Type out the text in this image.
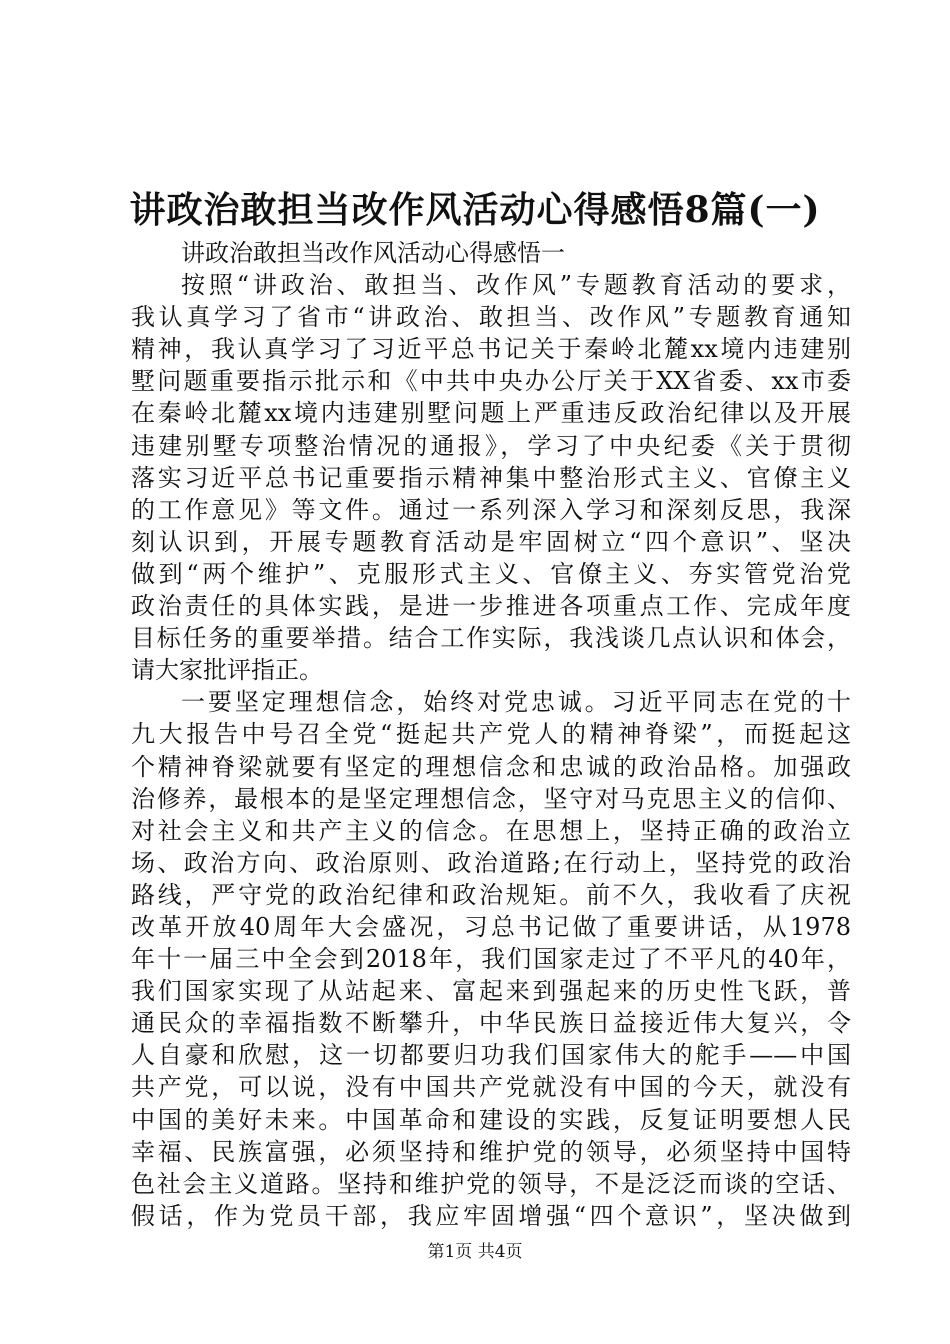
讲政治敢担当改作风活动心得感悟8篇(一)
讲政治敢担当改作风活动心得感悟一
按照“讲政治、敢担当、改作风”专题教育活动的要求，
我认真学习了省市“讲政治、敢担当、改作风”专题教育通知
精神，我认真学习了习近平总书记关于秦岭北麓xx境内违建别
墅问题重要指示批示和《中共中央办公厅关于XX省委、xx市委
在秦岭北麓xx境内违建别墅问题上严重违反政治纪律以及开展
违建别墅专项整治情况的通报》，学习了中央纪委《关于贯彻
落实习近平总书记重要指示精神集中整治形式主义、官僚主义
的工作意见》等文件。通过一系列深入学习和深刻反思，我深
刻认识到，开展专题教育活动是牢固树立“四个意识”、坚决
做到“两个维护”、克服形式主义、官僚主义、夯实管党治党
政治责任的具体实践，是进一步推进各项重点工作、完成年度
目标任务的重要举措。结合工作实际，我浅谈几点认识和体会，
请大家批评指正。
一要坚定理想信念，始终对党忠诚。习近平同志在党的十
九大报告中号召全党“挺起共产党人的精神脊梁”，而挺起这
个精神脊梁就要有坚定的理想信念和忠诚的政治品格。加强政
治修养，最根本的是坚定理想信念，坚守对马克思主义的信仰、
对社会主义和共产主义的信念。在思想上，坚持正确的政治立
场、政治方向、政治原则、政治道路;在行动上，坚持党的政治
路线，严守党的政治纪律和政治规矩。前不久，我收看了庆祝
改革开放40周年大会盛况，习总书记做了重要讲话，从1978
年十一届三中全会到2018年，我们国家走过了不平凡的40年，
我们国家实现了从站起来、富起来到强起来的历史性飞跃，普
通民众的幸福指数不断攀升，中华民族日益接近伟大复兴，令
人自豪和欣慰，这一切都要归功我们国家伟大的舵手——中国
共产党，可以说，没有中国共产党就没有中国的今天，就没有
中国的美好未来。中国革命和建设的实践，反复证明要想人民
幸福、民族富强，必须坚持和维护党的领导，必须坚持中国特
色社会主义道路。坚持和维护党的领导，不是泛泛而谈的空话、
假话，作为党员干部，我应牢固增强“四个意识”，坚决做到
第1页 共4页
